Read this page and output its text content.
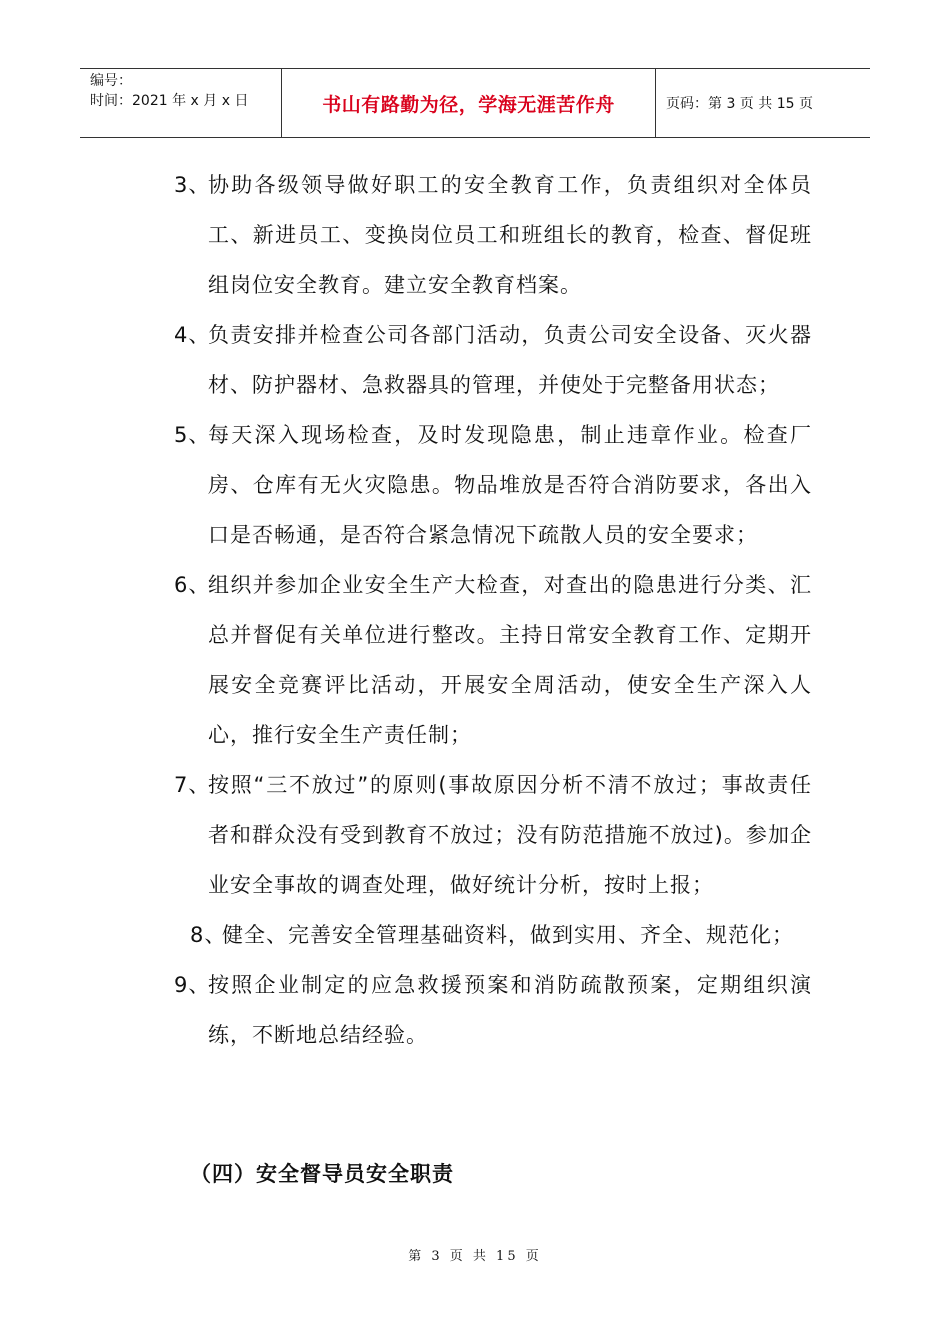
编号：
时间：2021 年 x 月 x 日	书山有路勤为径，学海无涯苦作舟	页码：第 3 页 共 15 页
3、
协助各级领导做好职工的安全教育工作，负责组织对全体员工、新进员工、变换岗位员工和班组长的教育，检查、督促班组岗位安全教育。建立安全教育档案。
4、
负责安排并检查公司各部门活动，负责公司安全设备、灭火器材、防护器材、急救器具的管理，并使处于完整备用状态；
5、
每天深入现场检查，及时发现隐患，制止违章作业。检查厂房、仓库有无火灾隐患。物品堆放是否符合消防要求，各出入口是否畅通，是否符合紧急情况下疏散人员的安全要求；
6、
组织并参加企业安全生产大检查，对查出的隐患进行分类、汇总并督促有关单位进行整改。主持日常安全教育工作、定期开展安全竞赛评比活动，开展安全周活动，使安全生产深入人心，推行安全生产责任制；
7、
按照“三不放过”的原则(事故原因分析不清不放过；事故责任者和群众没有受到教育不放过；没有防范措施不放过)。参加企业安全事故的调查处理，做好统计分析，按时上报；
8、
健全、完善安全管理基础资料，做到实用、齐全、规范化；
9、
按照企业制定的应急救援预案和消防疏散预案，定期组织演练，不断地总结经验。
（四）安全督导员安全职责
第 3 页 共 15 页
